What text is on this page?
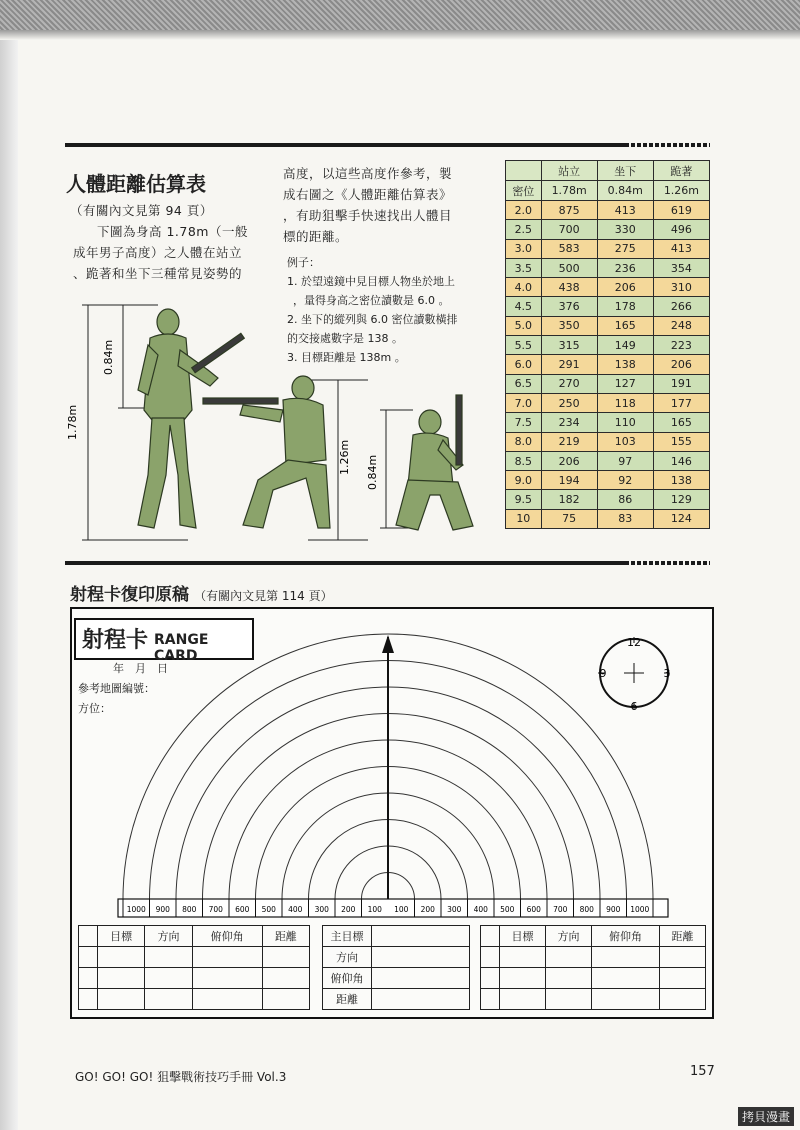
人體距離估算表
（有關內文見第 94 頁）
下圖為身高 1.78m（一般
成年男子高度）之人體在站立
、跪著和坐下三種常見姿勢的
高度，以這些高度作參考，製
成右圖之《人體距離估算表》
，有助狙擊手快速找出人體目
標的距離。
例子：
1. 於望遠鏡中見目標人物坐於地上
，量得身高之密位讀數是 6.0 。
2. 坐下的縱列與 6.0 密位讀數橫排
的交接處數字是 138 。
3. 目標距離是 138m 。
1.78m
0.84m
1.26m 0.84m
	站立	坐下	跪著
密位	1.78m	0.84m	1.26m
2.0	875	413	619
2.5	700	330	496
3.0	583	275	413
3.5	500	236	354
4.0	438	206	310
4.5	376	178	266
5.0	350	165	248
5.5	315	149	223
6.0	291	138	206
6.5	270	127	191
7.0	250	118	177
7.5	234	110	165
8.0	219	103	155
8.5	206	97	146
9.0	194	92	138
9.5	182	86	129
10	75	83	124
射程卡復印原稿 （有關內文見第 114 頁）
射程卡 RANGE CARD
年　月　日
參考地圖編號：
方位：
1000 900 800 700 600 500 400 300 200 100 100 200 300 400 500 600 700 800 900 1000
12
3
6
9
	目標	方向	俯仰角	距離

					主目標	
方向	
俯仰角	
距離	
	目標	方向	俯仰角	距離

GO! GO! GO! 狙擊戰術技巧手冊 Vol.3	157
拷貝漫畫
